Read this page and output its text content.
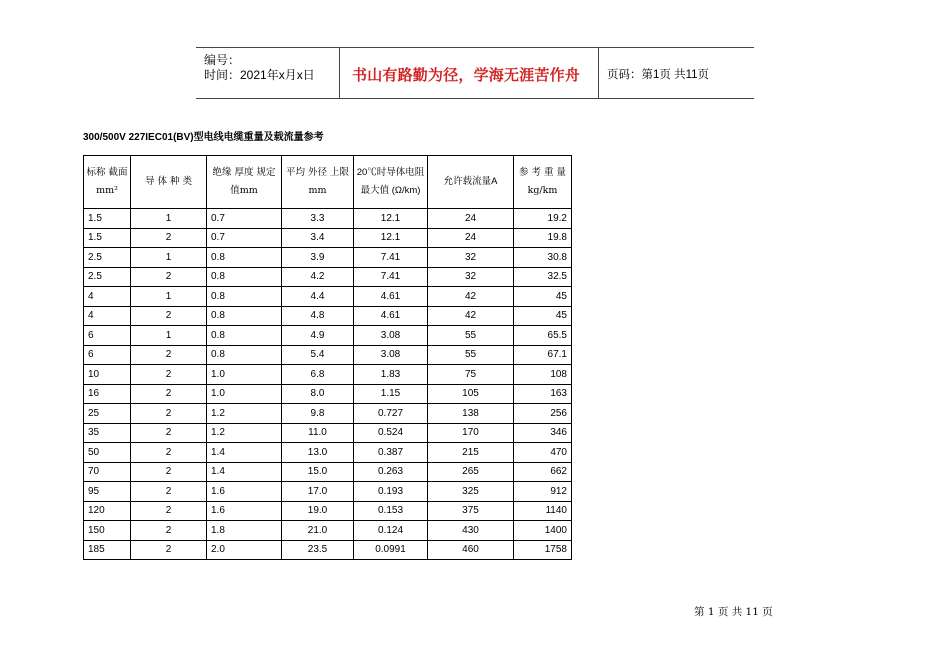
编号：
时间：2021年x月x日 书山有路勤为径，学海无涯苦作舟 页码：第1页 共11页
300/500V 227IEC01(BV)型电线电缆重量及载流量参考
标称 截面 mm²	导 体 种 类	绝缘 厚度 规定 值mm	平均 外径 上限 mm	20℃时导体电阻最大值 (Ω/km)	允许载流量A	参 考 重 量 kg/km
1.5	1	0.7	3.3	12.1	24	19.2
1.5	2	0.7	3.4	12.1	24	19.8
2.5	1	0.8	3.9	7.41	32	30.8
2.5	2	0.8	4.2	7.41	32	32.5
4	1	0.8	4.4	4.61	42	45
4	2	0.8	4.8	4.61	42	45
6	1	0.8	4.9	3.08	55	65.5
6	2	0.8	5.4	3.08	55	67.1
10	2	1.0	6.8	1.83	75	108
16	2	1.0	8.0	1.15	105	163
25	2	1.2	9.8	0.727	138	256
35	2	1.2	11.0	0.524	170	346
50	2	1.4	13.0	0.387	215	470
70	2	1.4	15.0	0.263	265	662
95	2	1.6	17.0	0.193	325	912
120	2	1.6	19.0	0.153	375	1140
150	2	1.8	21.0	0.124	430	1400
185	2	2.0	23.5	0.0991	460	1758
第 1 页 共 11 页
